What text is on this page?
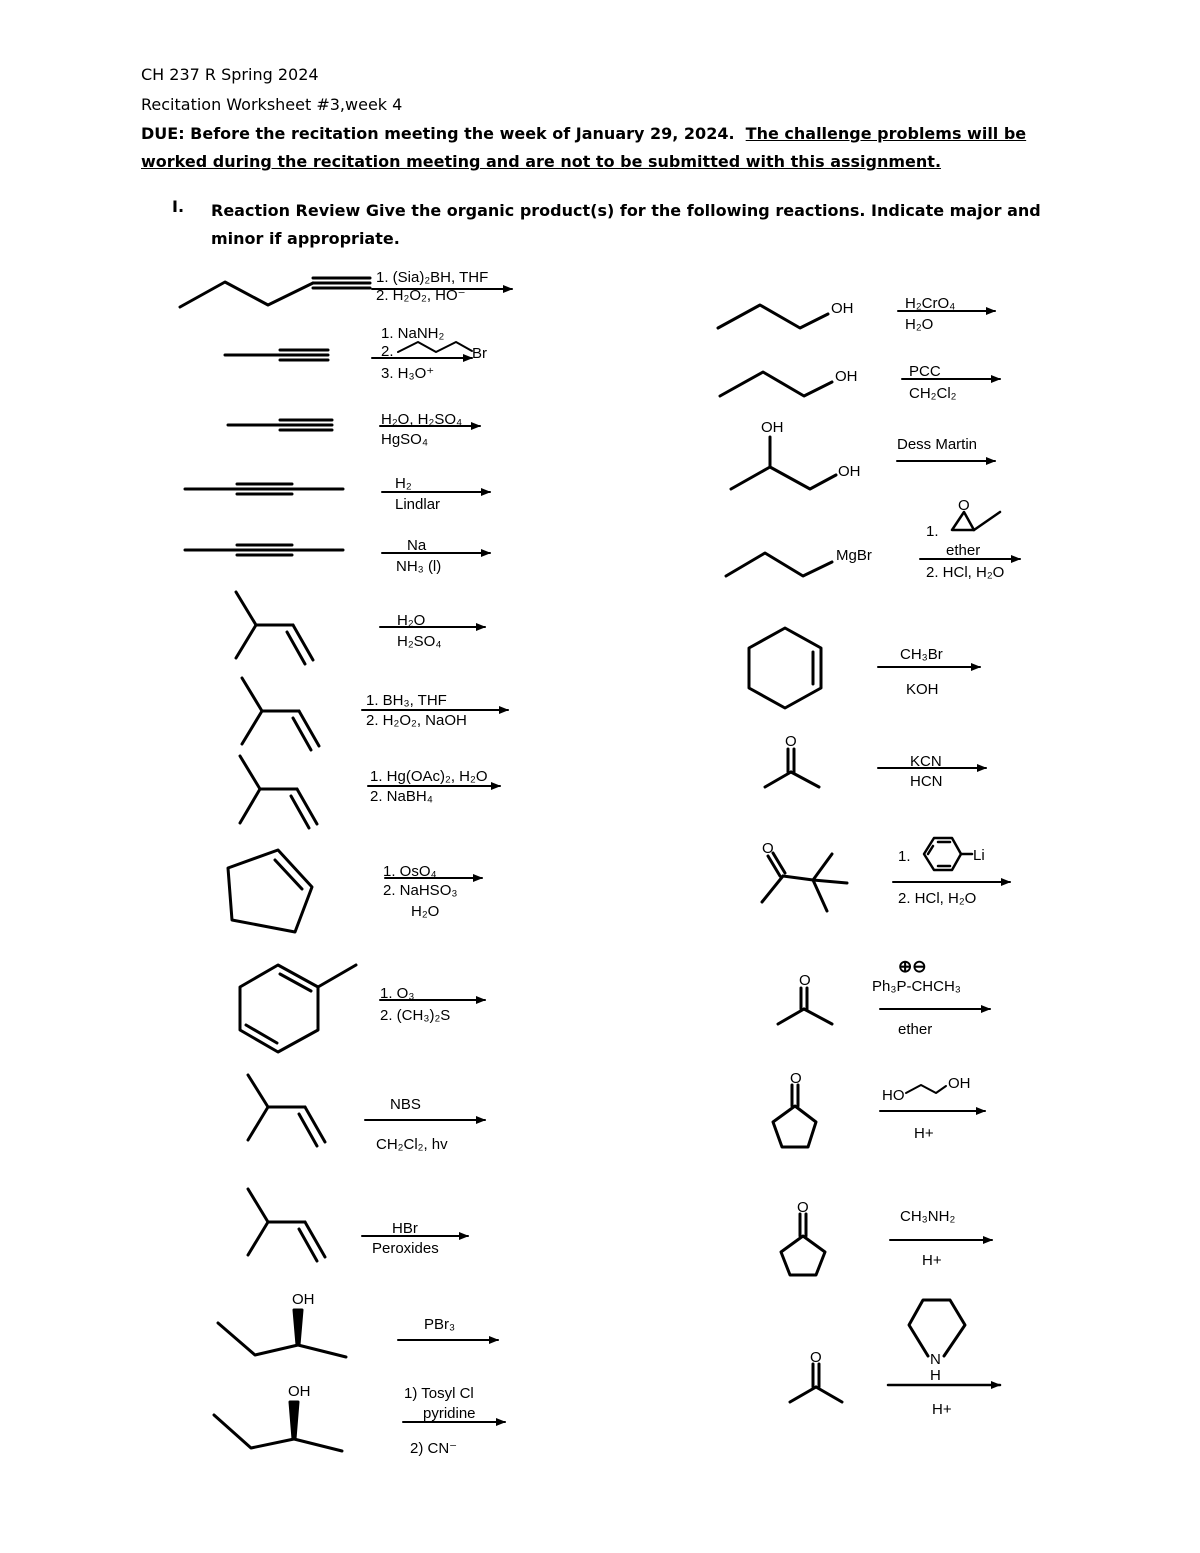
CH 237 R Spring 2024
Recitation Worksheet #3,week 4
DUE: Before the recitation meeting the week of January 29, 2024. The challenge problems will be
worked during the recitation meeting and are not to be submitted with this assignment.
I. Reaction Review Give the organic product(s) for the following reactions. Indicate major and minor if appropriate.
1. (Sia)₂BH, THF
2. H₂O₂, HO⁻
1. NaNH₂
2.	Br
3. H₃O⁺
H₂O, H₂SO₄
HgSO₄
H₂
Lindlar
Na
NH₃ (l)
H₂O
H₂SO₄
1. BH₃, THF
2. H₂O₂, NaOH
1. Hg(OAc)₂, H₂O
2. NaBH₄
1. OsO₄
2. NaHSO₃
H₂O
1. O₃
2. (CH₃)₂S
NBS
CH₂Cl₂, hv
HBr
Peroxides
OH
PBr₃
OH	1) Tosyl Cl
pyridine
2) CN⁻
OH	H₂CrO₄
H₂O
OH	PCC
CH₂Cl₂
OH
OH
Dess Martin
MgBr
O
1.
ether
2. HCl, H₂O
CH₃Br
KOH
O
KCN
HCN
O	1.	Li
2. HCl, H₂O
O
⊕⊖
Ph₃P-CHCH₃
ether
O
HO
OH
H+
O
CH₃NH₂
H+
O	N
H
H+
